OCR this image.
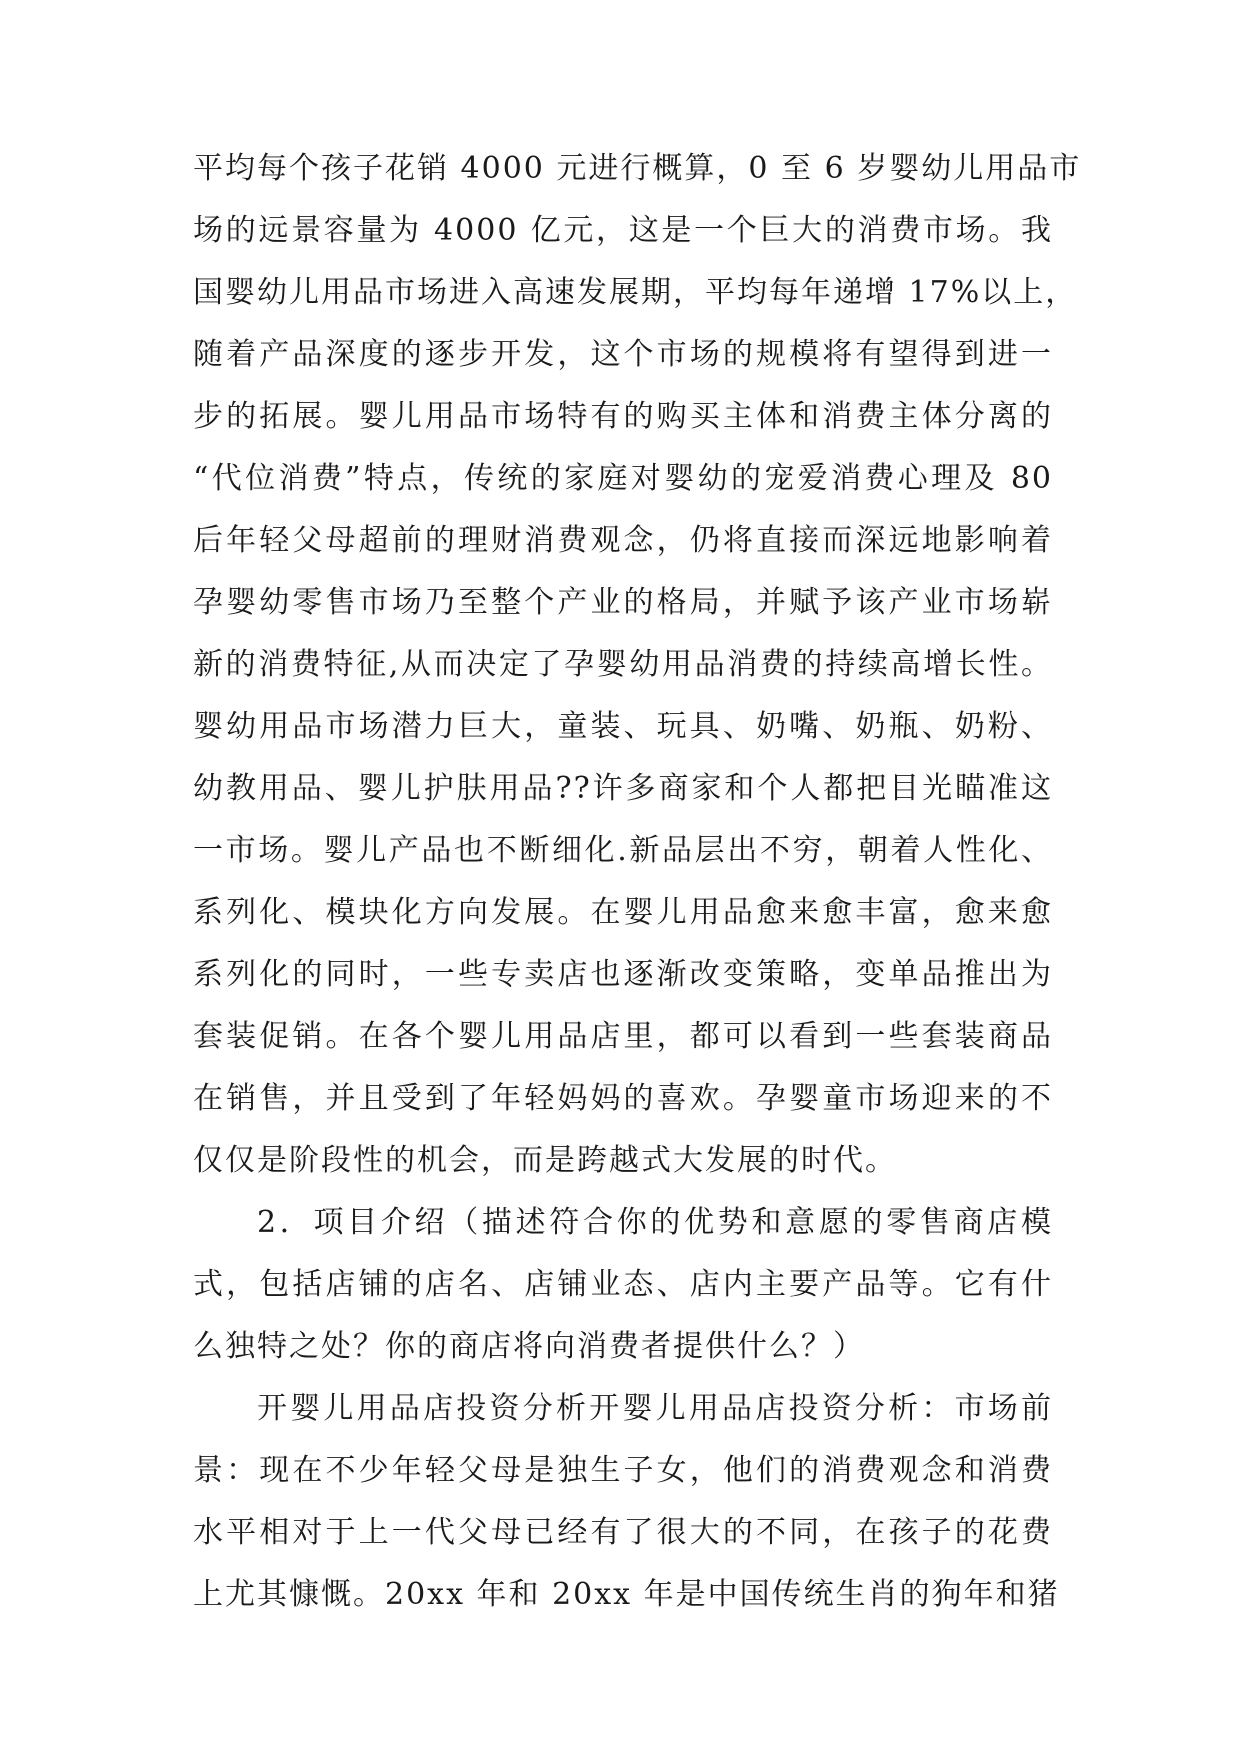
平均每个孩子花销 4000 元进行概算，0 至 6 岁婴幼儿用品市
场的远景容量为 4000 亿元，这是一个巨大的消费市场。我
国婴幼儿用品市场进入高速发展期，平均每年递增 17%以上，
随着产品深度的逐步开发，这个市场的规模将有望得到进一
步的拓展。婴儿用品市场特有的购买主体和消费主体分离的
“代位消费”特点，传统的家庭对婴幼的宠爱消费心理及 80
后年轻父母超前的理财消费观念，仍将直接而深远地影响着
孕婴幼零售市场乃至整个产业的格局，并赋予该产业市场崭
新的消费特征,从而决定了孕婴幼用品消费的持续高增长性。
婴幼用品市场潜力巨大，童装、玩具、奶嘴、奶瓶、奶粉、
幼教用品、婴儿护肤用品??许多商家和个人都把目光瞄准这
一市场。婴儿产品也不断细化.新品层出不穷，朝着人性化、
系列化、模块化方向发展。在婴儿用品愈来愈丰富，愈来愈
系列化的同时，一些专卖店也逐渐改变策略，变单品推出为
套装促销。在各个婴儿用品店里，都可以看到一些套装商品
在销售，并且受到了年轻妈妈的喜欢。孕婴童市场迎来的不
仅仅是阶段性的机会，而是跨越式大发展的时代。
2．项目介绍（描述符合你的优势和意愿的零售商店模
式，包括店铺的店名、店铺业态、店内主要产品等。它有什
么独特之处？你的商店将向消费者提供什么？）
开婴儿用品店投资分析开婴儿用品店投资分析：市场前
景：现在不少年轻父母是独生子女，他们的消费观念和消费
水平相对于上一代父母已经有了很大的不同，在孩子的花费
上尤其慷慨。20xx 年和 20xx 年是中国传统生肖的狗年和猪
